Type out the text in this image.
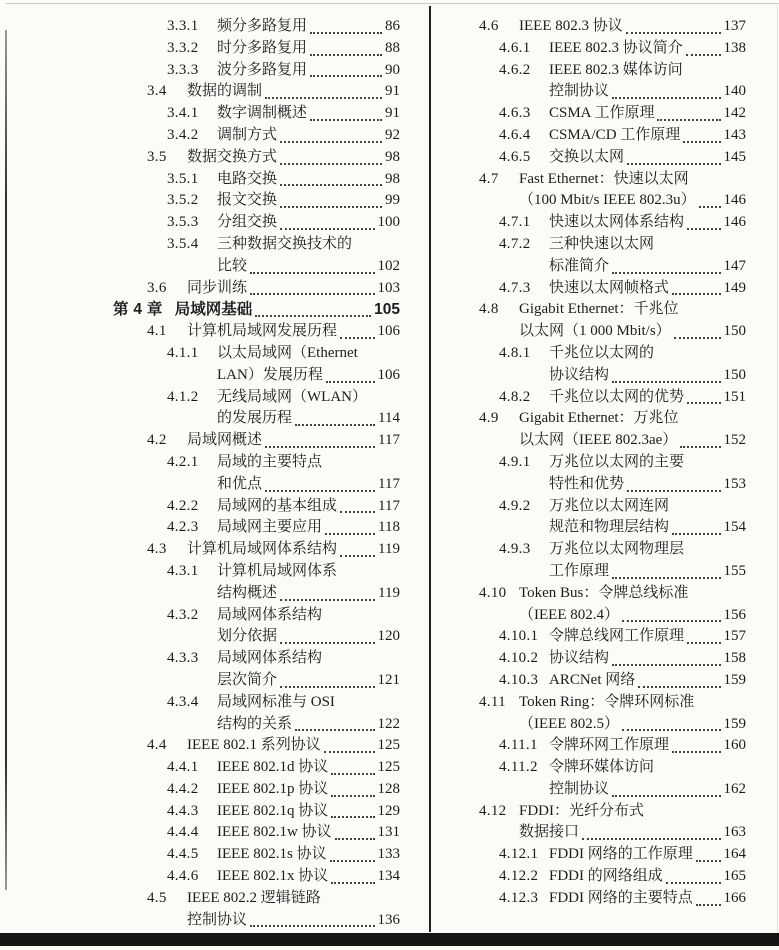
3.3.1	频分多路复用	86
3.3.2	时分多路复用	88
3.3.3	波分多路复用	90
3.4	数据的调制	91
3.4.1	数字调制概述	91
3.4.2	调制方式	92
3.5	数据交换方式	98
3.5.1	电路交换	98
3.5.2	报文交换	99
3.5.3	分组交换	100
3.5.4	三种数据交换技术的
比较	102
3.6	同步训练	103
第 4 章 局域网基础	105
4.1	计算机局域网发展历程	106
4.1.1	以太局域网（Ethernet
LAN）发展历程	106
4.1.2	无线局域网（WLAN）
的发展历程	114
4.2	局域网概述	117
4.2.1	局域的主要特点
和优点	117
4.2.2	局域网的基本组成	117
4.2.3	局域网主要应用	118
4.3	计算机局域网体系结构	119
4.3.1	计算机局域网体系
结构概述	119
4.3.2	局域网体系结构
划分依据	120
4.3.3	局域网体系结构
层次简介	121
4.3.4	局域网标准与 OSI
结构的关系	122
4.4	IEEE 802.1 系列协议	125
4.4.1	IEEE 802.1d 协议	125
4.4.2	IEEE 802.1p 协议	128
4.4.3	IEEE 802.1q 协议	129
4.4.4	IEEE 802.1w 协议	131
4.4.5	IEEE 802.1s 协议	133
4.4.6	IEEE 802.1x 协议	134
4.5	IEEE 802.2 逻辑链路
控制协议	136
4.6	IEEE 802.3 协议	137
4.6.1	IEEE 802.3 协议简介	138
4.6.2	IEEE 802.3 媒体访问
控制协议	140
4.6.3	CSMA 工作原理	142
4.6.4	CSMA/CD 工作原理	143
4.6.5	交换以太网	145
4.7	Fast Ethernet：快速以太网
（100 Mbit/s IEEE 802.3u） 146
4.7.1	快速以太网体系结构	146
4.7.2	三种快速以太网
标准简介	147
4.7.3	快速以太网帧格式	149
4.8	Gigabit Ethernet：千兆位
以太网（1 000 Mbit/s）	150
4.8.1	千兆位以太网的
协议结构	150
4.8.2	千兆位以太网的优势	151
4.9	Gigabit Ethernet：万兆位
以太网（IEEE 802.3ae）	152
4.9.1	万兆位以太网的主要
特性和优势	153
4.9.2	万兆位以太网连网
规范和物理层结构	154
4.9.3	万兆位以太网物理层
工作原理	155
4.10 Token Bus：令牌总线标准
（IEEE 802.4）	156
4.10.1 令牌总线网工作原理	157
4.10.2 协议结构	158
4.10.3 ARCNet 网络	159
4.11 Token Ring：令牌环网标准
（IEEE 802.5）	159
4.11.1 令牌环网工作原理	160
4.11.2 令牌环媒体访问
控制协议	162
4.12 FDDI：光纤分布式
数据接口	163
4.12.1 FDDI 网络的工作原理 164
4.12.2 FDDI 的网络组成	165
4.12.3 FDDI 网络的主要特点 166
